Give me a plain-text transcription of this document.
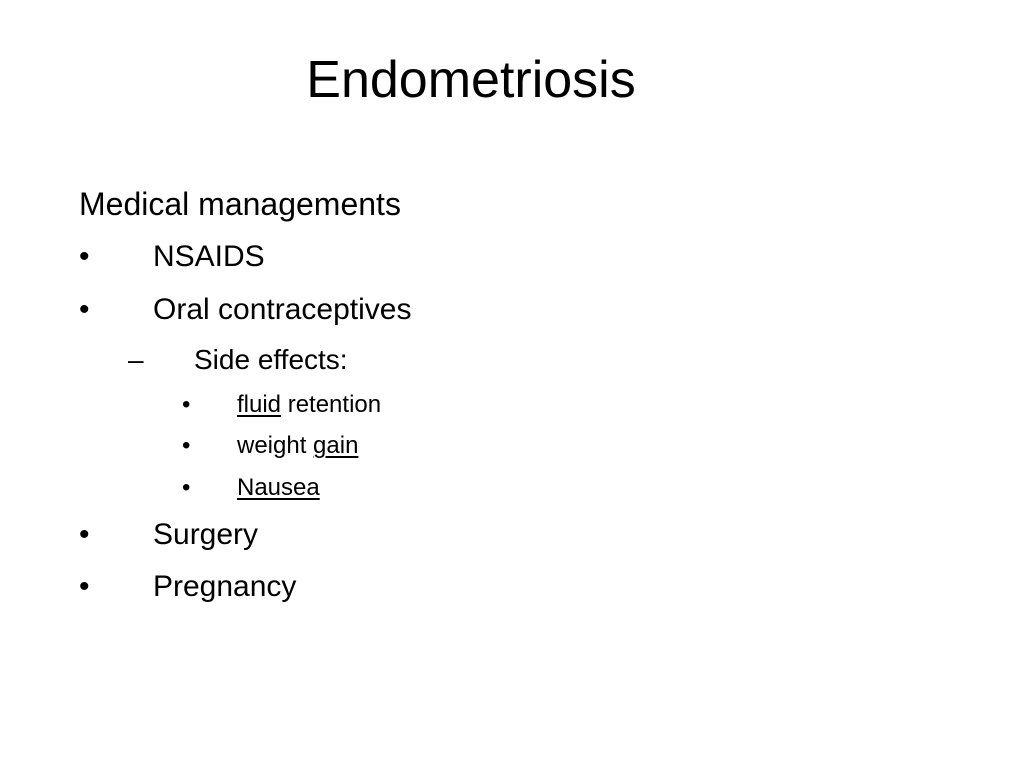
Endometriosis
Medical managements
• NSAIDS
• Oral contraceptives
– Side effects:
• fluid retention
• weight gain
• Nausea
• Surgery
• Pregnancy
